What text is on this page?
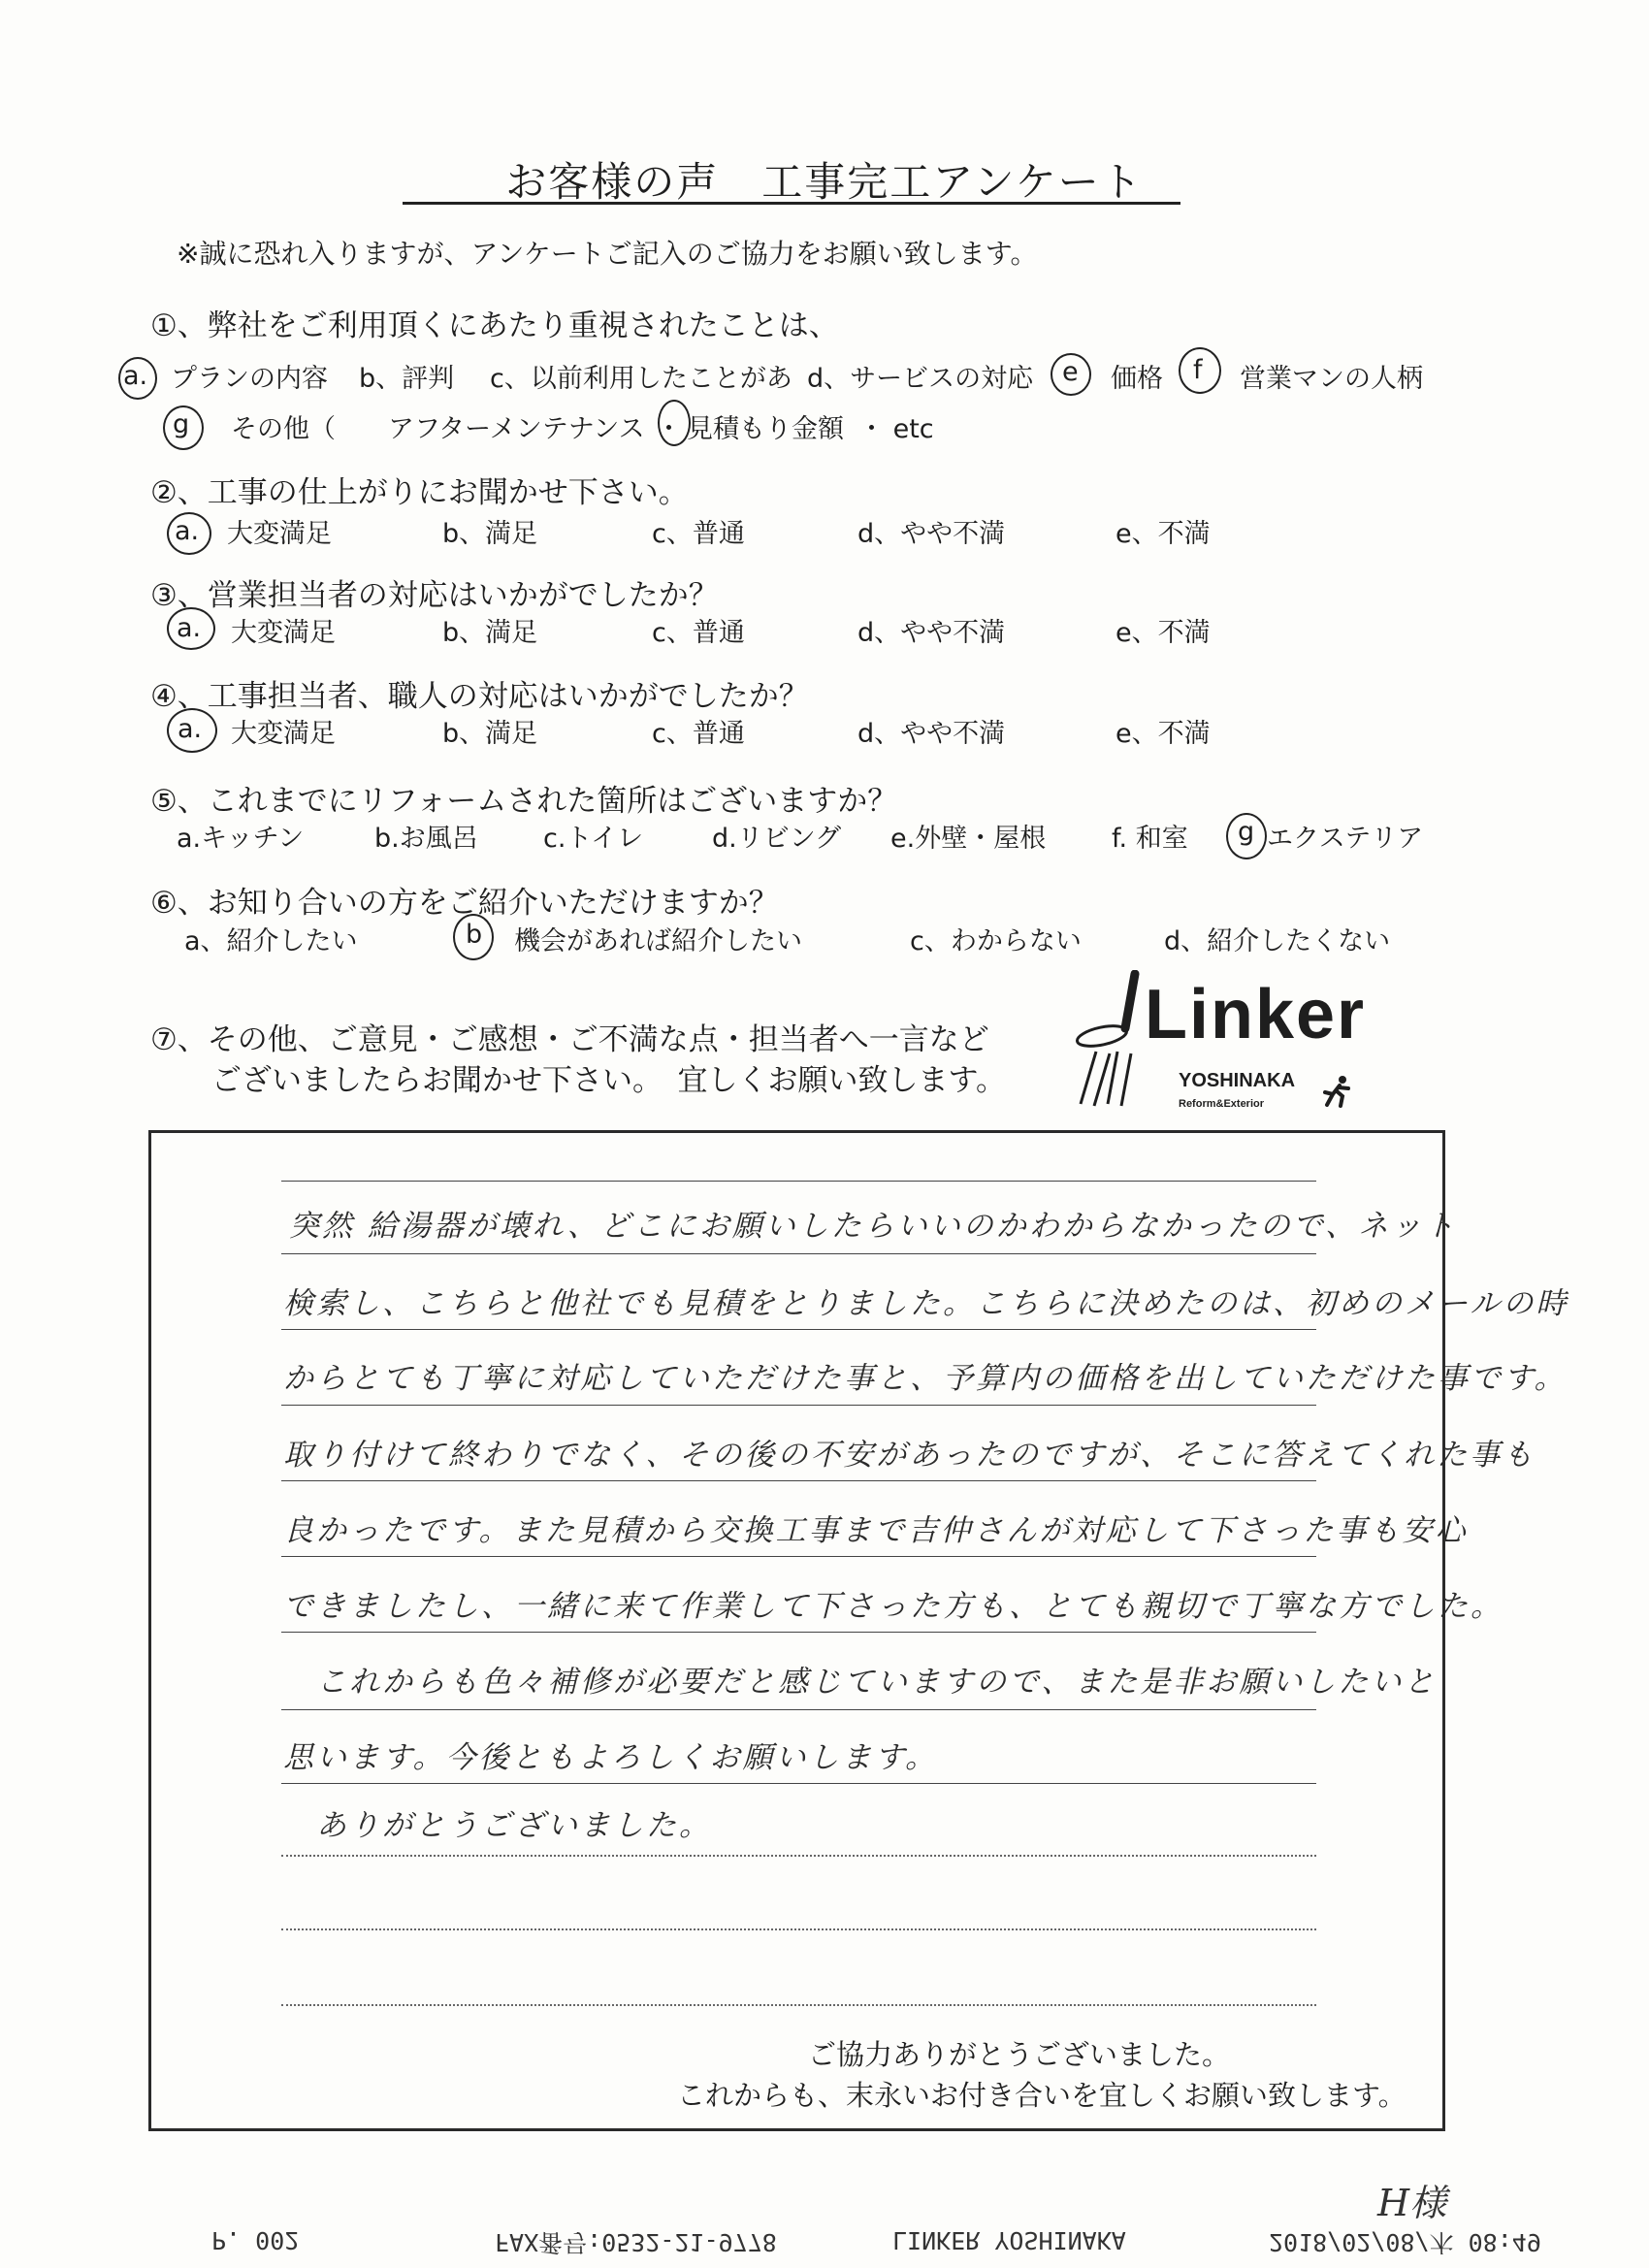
お客様の声　工事完工アンケート
※誠に恐れ入りますが、アンケートご記入のご協力をお願い致します。
①、弊社をご利用頂くにあたり重視されたことは、
a. プランの内容 b、評判 c、以前利用したことがあ d、サービスの対応 e 価格 f 営業マンの人柄
g その他（ アフターメンテナンス ・ 見積もり金額 ・ etc
②、工事の仕上がりにお聞かせ下さい。
a. 大変満足	b、満足	c、普通	d、やや不満	e、不満
③、営業担当者の対応はいかがでしたか？
a. 大変満足	b、満足	c、普通	d、やや不満	e、不満
④、工事担当者、職人の対応はいかがでしたか？
a. 大変満足	b、満足	c、普通	d、やや不満	e、不満
⑤、これまでにリフォームされた箇所はございますか？
a.キッチン	b.お風呂 c.トイレ	d.リビング e.外壁・屋根	f. 和室 g エクステリア
⑥、お知り合いの方をご紹介いただけますか？
a、紹介したい	b 機会があれば紹介したい	c、わからない	d、紹介したくない
⑦、その他、ご意見・ご感想・ご不満な点・担当者へ一言など
ございましたらお聞かせ下さい。　宜しくお願い致します。
Linker
YOSHINAKA
Reform&Exterior
突然 給湯器が壊れ、どこにお願いしたらいいのかわからなかったので、ネット
検索し、こちらと他社でも見積をとりました。こちらに決めたのは、初めのメールの時
からとても丁寧に対応していただけた事と、予算内の価格を出していただけた事です。
取り付けて終わりでなく、その後の不安があったのですが、そこに答えてくれた事も
良かったです。また見積から交換工事まで吉仲さんが対応して下さった事も安心
できましたし、一緒に来て作業して下さった方も、とても親切で丁寧な方でした。
　これからも色々補修が必要だと感じていますので、また是非お願いしたいと
思います。今後ともよろしくお願いします。
　ありがとうございました。
ご協力ありがとうございました。
これからも、末永いお付き合いを宜しくお願い致します。
H様
P. 002	FAX番号:0532-21-9778	LINKER YOSHINAKA	2018/02/08/木 08:49
